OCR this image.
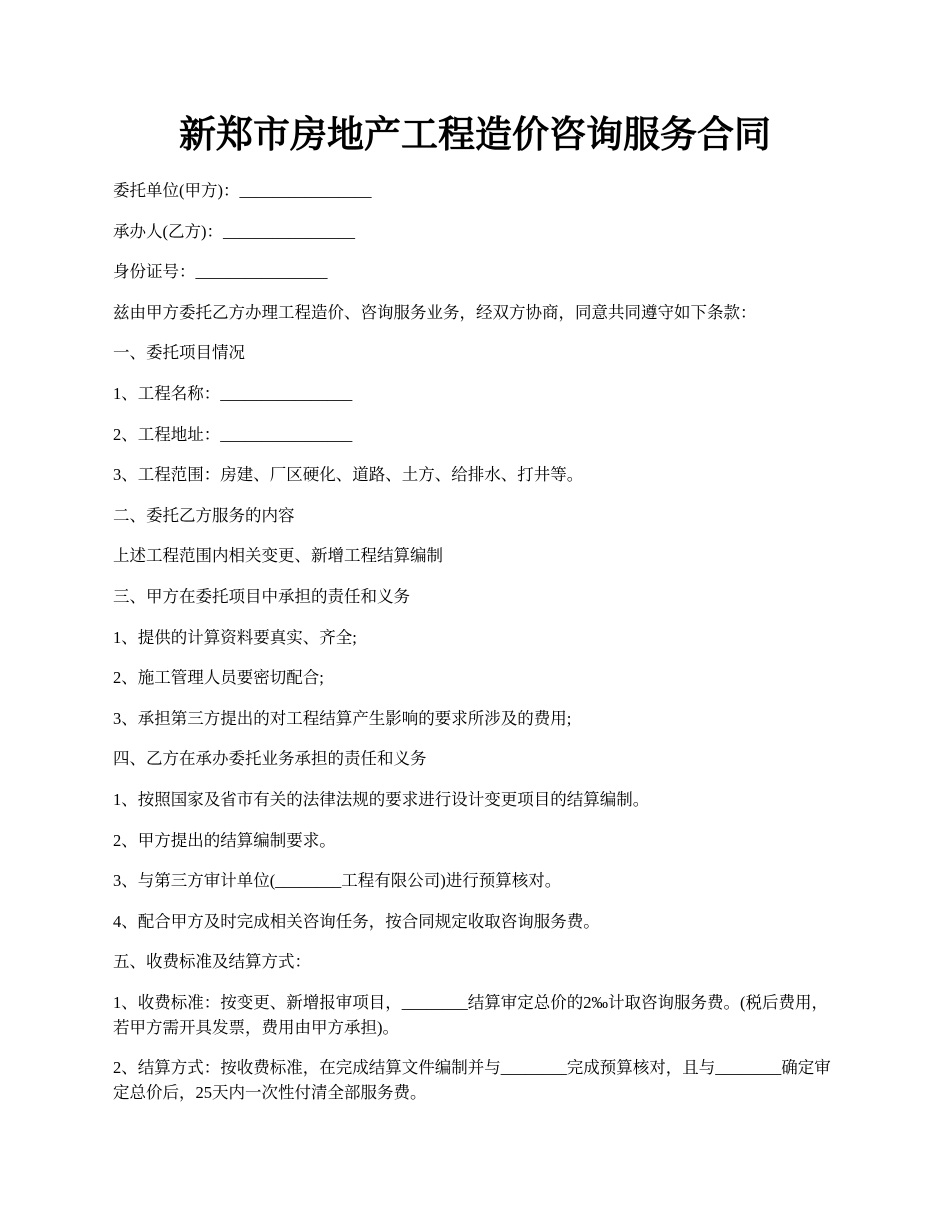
新郑市房地产工程造价咨询服务合同

委托单位(甲方)：________________

承办人(乙方)：________________

身份证号：________________

兹由甲方委托乙方办理工程造价、咨询服务业务，经双方协商，同意共同遵守如下条款：

一、委托项目情况

1、工程名称：________________

2、工程地址：________________

3、工程范围：房建、厂区硬化、道路、土方、给排水、打井等。

二、委托乙方服务的内容

上述工程范围内相关变更、新增工程结算编制

三、甲方在委托项目中承担的责任和义务

1、提供的计算资料要真实、齐全;

2、施工管理人员要密切配合;

3、承担第三方提出的对工程结算产生影响的要求所涉及的费用;

四、乙方在承办委托业务承担的责任和义务

1、按照国家及省市有关的法律法规的要求进行设计变更项目的结算编制。

2、甲方提出的结算编制要求。

3、与第三方审计单位(________工程有限公司)进行预算核对。

4、配合甲方及时完成相关咨询任务，按合同规定收取咨询服务费。

五、收费标准及结算方式：

1、收费标准：按变更、新增报审项目，________结算审定总价的2‰计取咨询服务费。(税后费用，若甲方需开具发票，费用由甲方承担)。

2、结算方式：按收费标准，在完成结算文件编制并与________完成预算核对，且与________确定审定总价后，25天内一次性付清全部服务费。
